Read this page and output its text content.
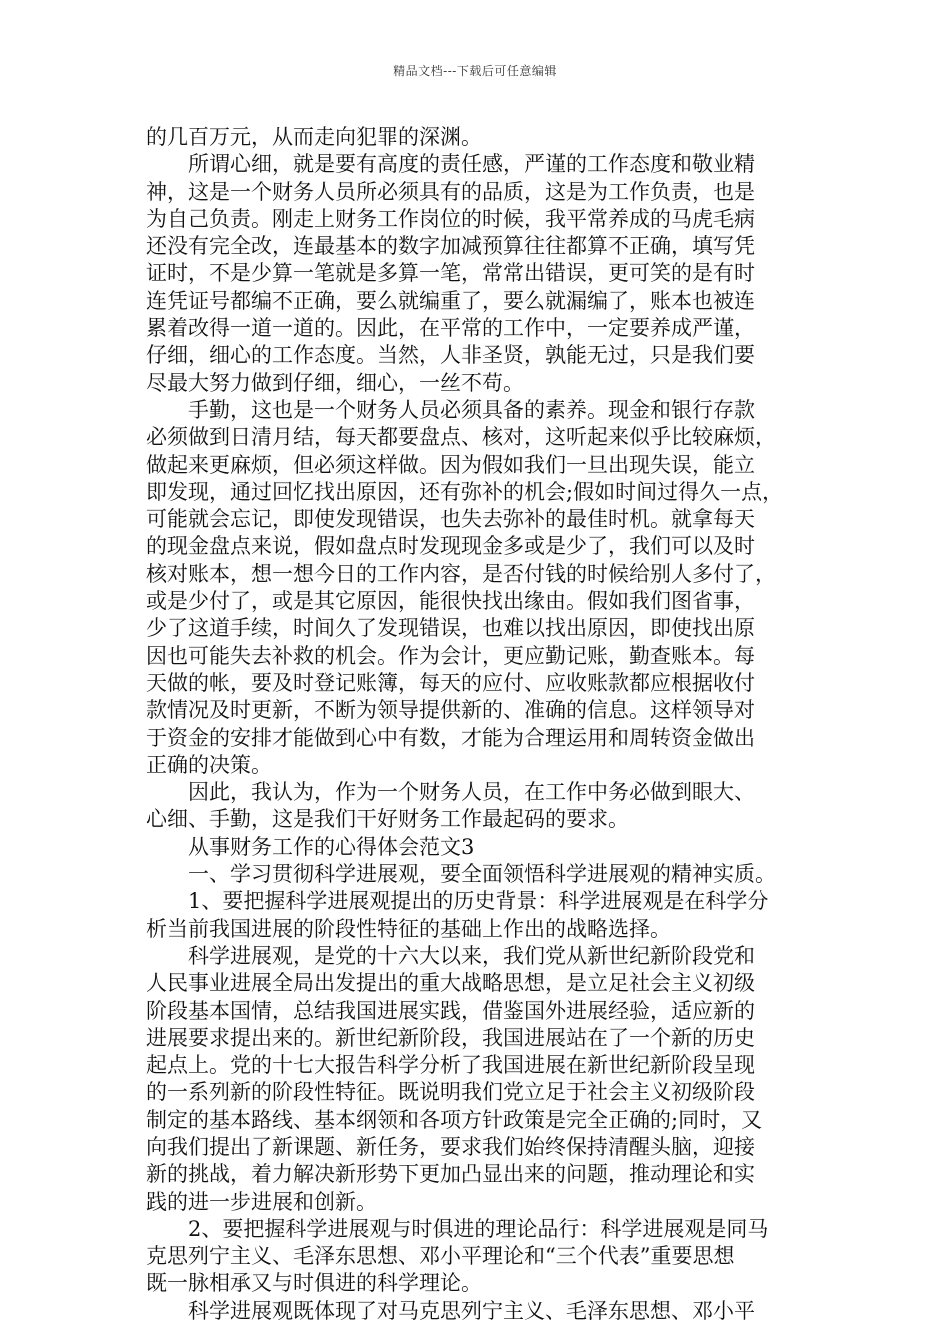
精品文档---下载后可任意编辑
的几百万元，从而走向犯罪的深渊。
所谓心细，就是要有高度的责任感，严谨的工作态度和敬业精
神，这是一个财务人员所必须具有的品质，这是为工作负责，也是
为自己负责。刚走上财务工作岗位的时候，我平常养成的马虎毛病
还没有完全改，连最基本的数字加减预算往往都算不正确，填写凭
证时，不是少算一笔就是多算一笔，常常出错误，更可笑的是有时
连凭证号都编不正确，要么就编重了，要么就漏编了，账本也被连
累着改得一道一道的。因此，在平常的工作中，一定要养成严谨，
仔细，细心的工作态度。当然，人非圣贤，孰能无过，只是我们要
尽最大努力做到仔细，细心，一丝不苟。
手勤，这也是一个财务人员必须具备的素养。现金和银行存款
必须做到日清月结，每天都要盘点、核对，这听起来似乎比较麻烦，
做起来更麻烦，但必须这样做。因为假如我们一旦出现失误，能立
即发现，通过回忆找出原因，还有弥补的机会;假如时间过得久一点，
可能就会忘记，即使发现错误，也失去弥补的最佳时机。就拿每天
的现金盘点来说，假如盘点时发现现金多或是少了，我们可以及时
核对账本，想一想今日的工作内容，是否付钱的时候给别人多付了，
或是少付了，或是其它原因，能很快找出缘由。假如我们图省事，
少了这道手续，时间久了发现错误，也难以找出原因，即使找出原
因也可能失去补救的机会。作为会计，更应勤记账，勤查账本。每
天做的帐，要及时登记账簿，每天的应付、应收账款都应根据收付
款情况及时更新，不断为领导提供新的、准确的信息。这样领导对
于资金的安排才能做到心中有数，才能为合理运用和周转资金做出
正确的决策。
因此，我认为，作为一个财务人员，在工作中务必做到眼大、
心细、手勤，这是我们干好财务工作最起码的要求。
从事财务工作的心得体会范文3
一、学习贯彻科学进展观，要全面领悟科学进展观的精神实质。
1、要把握科学进展观提出的历史背景：科学进展观是在科学分
析当前我国进展的阶段性特征的基础上作出的战略选择。
科学进展观，是党的十六大以来，我们党从新世纪新阶段党和
人民事业进展全局出发提出的重大战略思想，是立足社会主义初级
阶段基本国情，总结我国进展实践，借鉴国外进展经验，适应新的
进展要求提出来的。新世纪新阶段，我国进展站在了一个新的历史
起点上。党的十七大报告科学分析了我国进展在新世纪新阶段呈现
的一系列新的阶段性特征。既说明我们党立足于社会主义初级阶段
制定的基本路线、基本纲领和各项方针政策是完全正确的;同时，又
向我们提出了新课题、新任务，要求我们始终保持清醒头脑，迎接
新的挑战，着力解决新形势下更加凸显出来的问题，推动理论和实
践的进一步进展和创新。
2、要把握科学进展观与时俱进的理论品行：科学进展观是同马
克思列宁主义、毛泽东思想、邓小平理论和“三个代表”重要思想
既一脉相承又与时俱进的科学理论。
科学进展观既体现了对马克思列宁主义、毛泽东思想、邓小平
